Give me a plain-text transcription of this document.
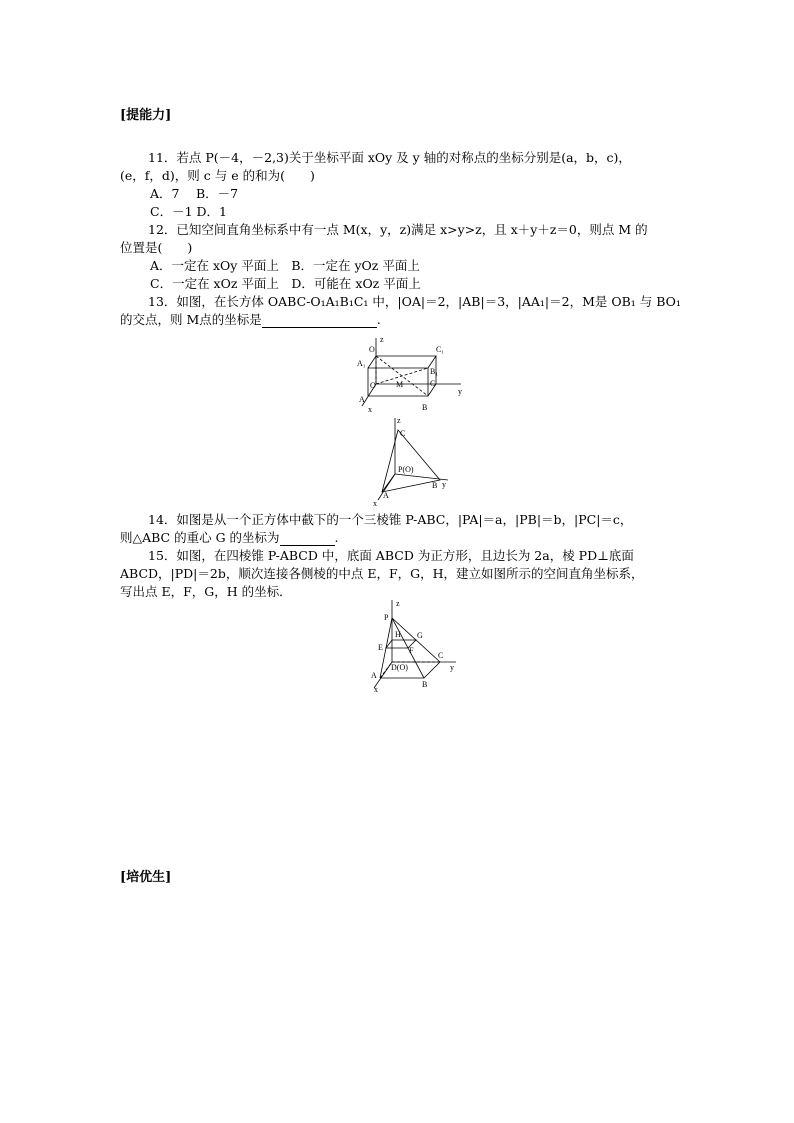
[提能力]
11．若点 P(－4，－2,3)关于坐标平面 xOy 及 y 轴的对称点的坐标分别是(a，b，c)，
(e，f，d)，则 c 与 e 的和为(　　)
A．7　 B．－7
C．－1 D．1
12．已知空间直角坐标系中有一点 M(x，y，z)满足 x>y>z，且 x＋y＋z＝0，则点 M 的
位置是(　　)
A．一定在 xOy 平面上　B．一定在 yOz 平面上
C．一定在 xOz 平面上　D．可能在 xOz 平面上
13．如图，在长方体 OABC-O₁A₁B₁C₁ 中，|OA|＝2，|AB|＝3，|AA₁|＝2，M是 OB₁ 与 BO₁
的交点，则 M点的坐标是	.
z
O₁	C₁
A₁
B₁
O	M	C
y
A
x	B
z
C
P(O)
B y
A
x
14．如图是从一个正方体中截下的一个三棱锥 P-ABC，|PA|＝a，|PB|＝b，|PC|＝c，
则△ABC 的重心 G 的坐标为	.
15．如图，在四棱锥 P-ABCD 中，底面 ABCD 为正方形，且边长为 2a，棱 PD⊥底面
ABCD，|PD|＝2b，顺次连接各侧棱的中点 E，F，G，H，建立如图所示的空间直角坐标系，
写出点 E，F，G，H 的坐标．
z
P
H G
E	F
D(O)
C
y
A
B
x
[培优生]
